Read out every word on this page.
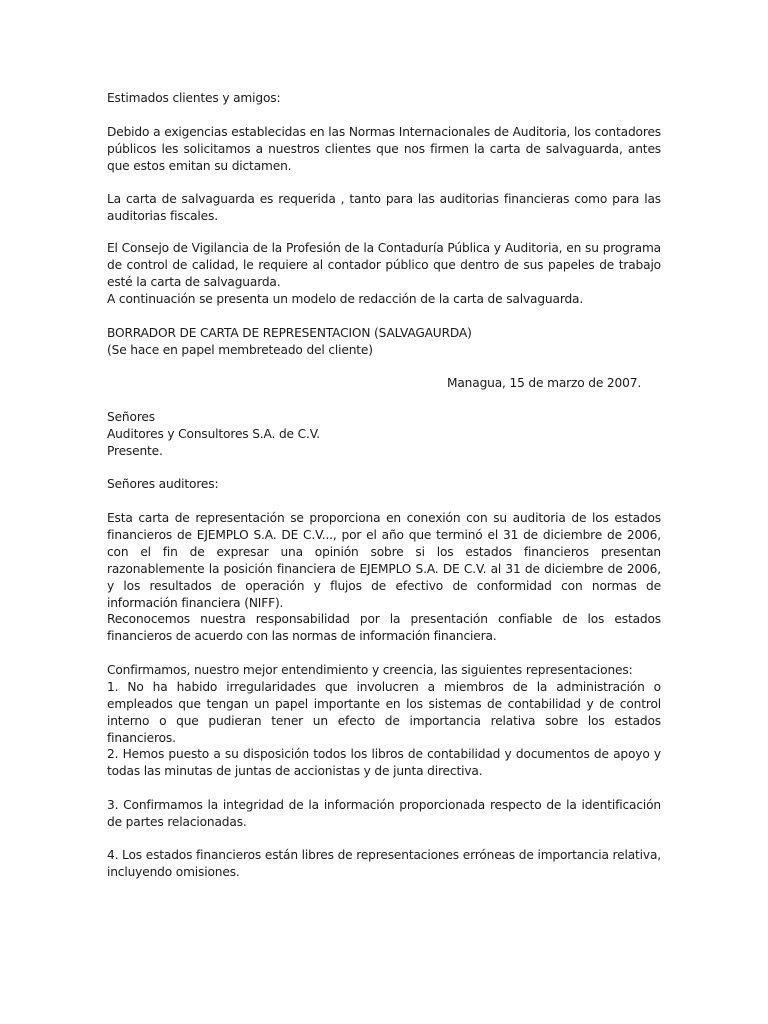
Estimados clientes y amigos:

Debido a exigencias establecidas en las Normas Internacionales de Auditoria, los contadores públicos les solicitamos a nuestros clientes que nos firmen la carta de salvaguarda, antes que estos emitan su dictamen.

La carta de salvaguarda es requerida , tanto para las auditorias financieras como para las auditorias fiscales.

El Consejo de Vigilancia de la Profesión de la Contaduría Pública y Auditoria, en su programa de control de calidad, le requiere al contador público que dentro de sus papeles de trabajo esté la carta de salvaguarda.

A continuación se presenta un modelo de redacción de la carta de salvaguarda.

BORRADOR DE CARTA DE REPRESENTACION (SALVAGAURDA)

(Se hace en papel membreteado del cliente)

Managua, 15 de marzo de 2007.

Señores
Auditores y Consultores S.A. de C.V.
Presente.

Señores auditores:

Esta carta de representación se proporciona en conexión con su auditoria de los estados financieros de EJEMPLO S.A. DE C.V..., por el año que terminó el 31 de diciembre de 2006, con el fin de expresar una opinión sobre si los estados financieros presentan razonablemente la posición financiera de EJEMPLO S.A. DE C.V. al 31 de diciembre de 2006, y los resultados de operación y flujos de efectivo de conformidad con normas de información financiera (NIFF).

Reconocemos nuestra responsabilidad por la presentación confiable de los estados financieros de acuerdo con las normas de información financiera.

Confirmamos, nuestro mejor entendimiento y creencia, las siguientes representaciones:

1. No ha habido irregularidades que involucren a miembros de la administración o empleados que tengan un papel importante en los sistemas de contabilidad y de control interno o que pudieran tener un efecto de importancia relativa sobre los estados financieros.

2. Hemos puesto a su disposición todos los libros de contabilidad y documentos de apoyo y todas las minutas de juntas de accionistas y de junta directiva.

3. Confirmamos la integridad de la información proporcionada respecto de la identificación de partes relacionadas.

4. Los estados financieros están libres de representaciones erróneas de importancia relativa, incluyendo omisiones.
